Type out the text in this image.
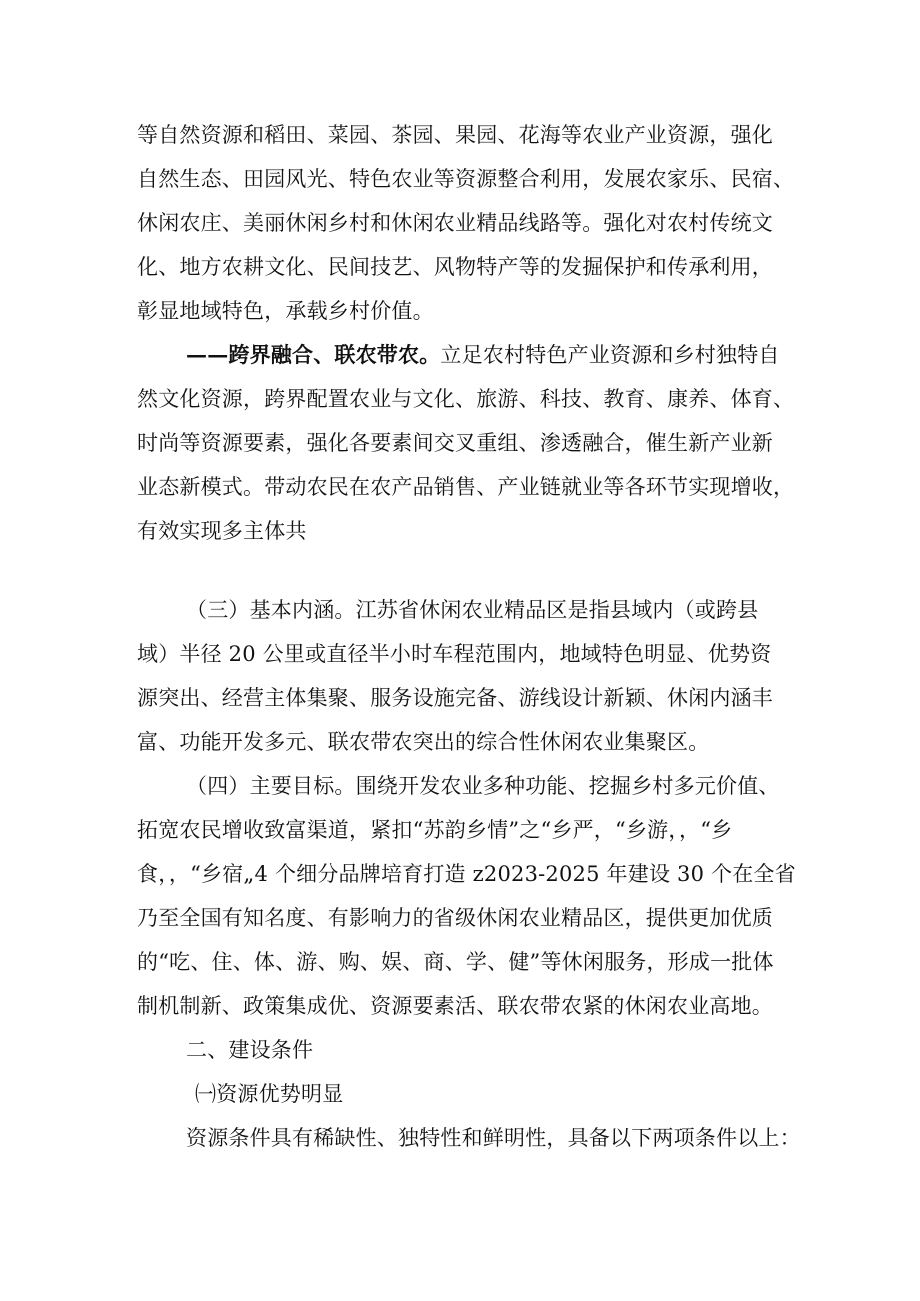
等自然资源和稻田、菜园、茶园、果园、花海等农业产业资源，强化
自然生态、田园风光、特色农业等资源整合利用，发展农家乐、民宿、
休闲农庄、美丽休闲乡村和休闲农业精品线路等。强化对农村传统文
化、地方农耕文化、民间技艺、风物特产等的发掘保护和传承利用，
彰显地域特色，承载乡村价值。
——跨界融合、联农带农。立足农村特色产业资源和乡村独特自
然文化资源，跨界配置农业与文化、旅游、科技、教育、康养、体育、
时尚等资源要素，强化各要素间交叉重组、渗透融合，催生新产业新
业态新模式。带动农民在农产品销售、产业链就业等各环节实现增收，
有效实现多主体共
（三）基本内涵。江苏省休闲农业精品区是指县域内（或跨县
域）半径 20 公里或直径半小时车程范围内，地域特色明显、优势资
源突出、经营主体集聚、服务设施完备、游线设计新颖、休闲内涵丰
富、功能开发多元、联农带农突出的综合性休闲农业集聚区。
（四）主要目标。围绕开发农业多种功能、挖掘乡村多元价值、
拓宽农民增收致富渠道，紧扣“苏韵乡情”之“乡严，“乡游，，“乡
食，，“乡宿„4 个细分品牌培育打造 z2023-2025 年建设 30 个在全省
乃至全国有知名度、有影响力的省级休闲农业精品区，提供更加优质
的“吃、住、体、游、购、娱、商、学、健”等休闲服务，形成一批体
制机制新、政策集成优、资源要素活、联农带农紧的休闲农业高地。
二、建设条件
㈠资源优势明显
资源条件具有稀缺性、独特性和鲜明性，具备以下两项条件以上：
